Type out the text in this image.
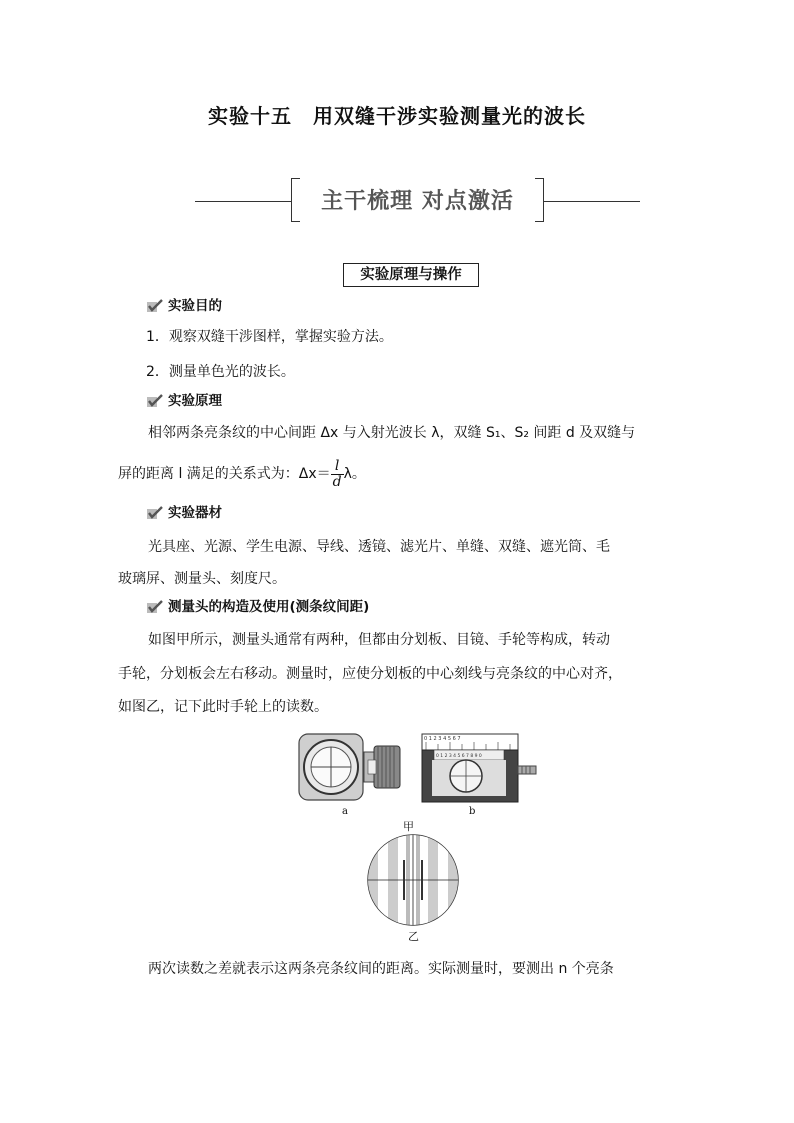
实验十五　用双缝干涉实验测量光的波长
主干梳理 对点激活
实验原理与操作
实验目的
1．观察双缝干涉图样，掌握实验方法。
2．测量单色光的波长。
实验原理
相邻两条亮条纹的中心间距 Δx 与入射光波长 λ，双缝 S₁、S₂ 间距 d 及双缝与
屏的距离 l 满足的关系式为：$\Delta x= \frac{l}{d}$ λ。
实验器材
光具座、光源、学生电源、导线、透镜、滤光片、单缝、双缝、遮光筒、毛
玻璃屏、测量头、刻度尺。
测量头的构造及使用(测条纹间距)
如图甲所示，测量头通常有两种，但都由分划板、目镜、手轮等构成，转动
手轮，分划板会左右移动。测量时，应使分划板的中心刻线与亮条纹的中心对齐，
如图乙，记下此时手轮上的读数。
a
0 1 2 3 4 5 6 7
0 1 2 3 4 5 6 7 8 9 0
b
甲
乙
两次读数之差就表示这两条亮条纹间的距离。实际测量时，要测出 n 个亮条
